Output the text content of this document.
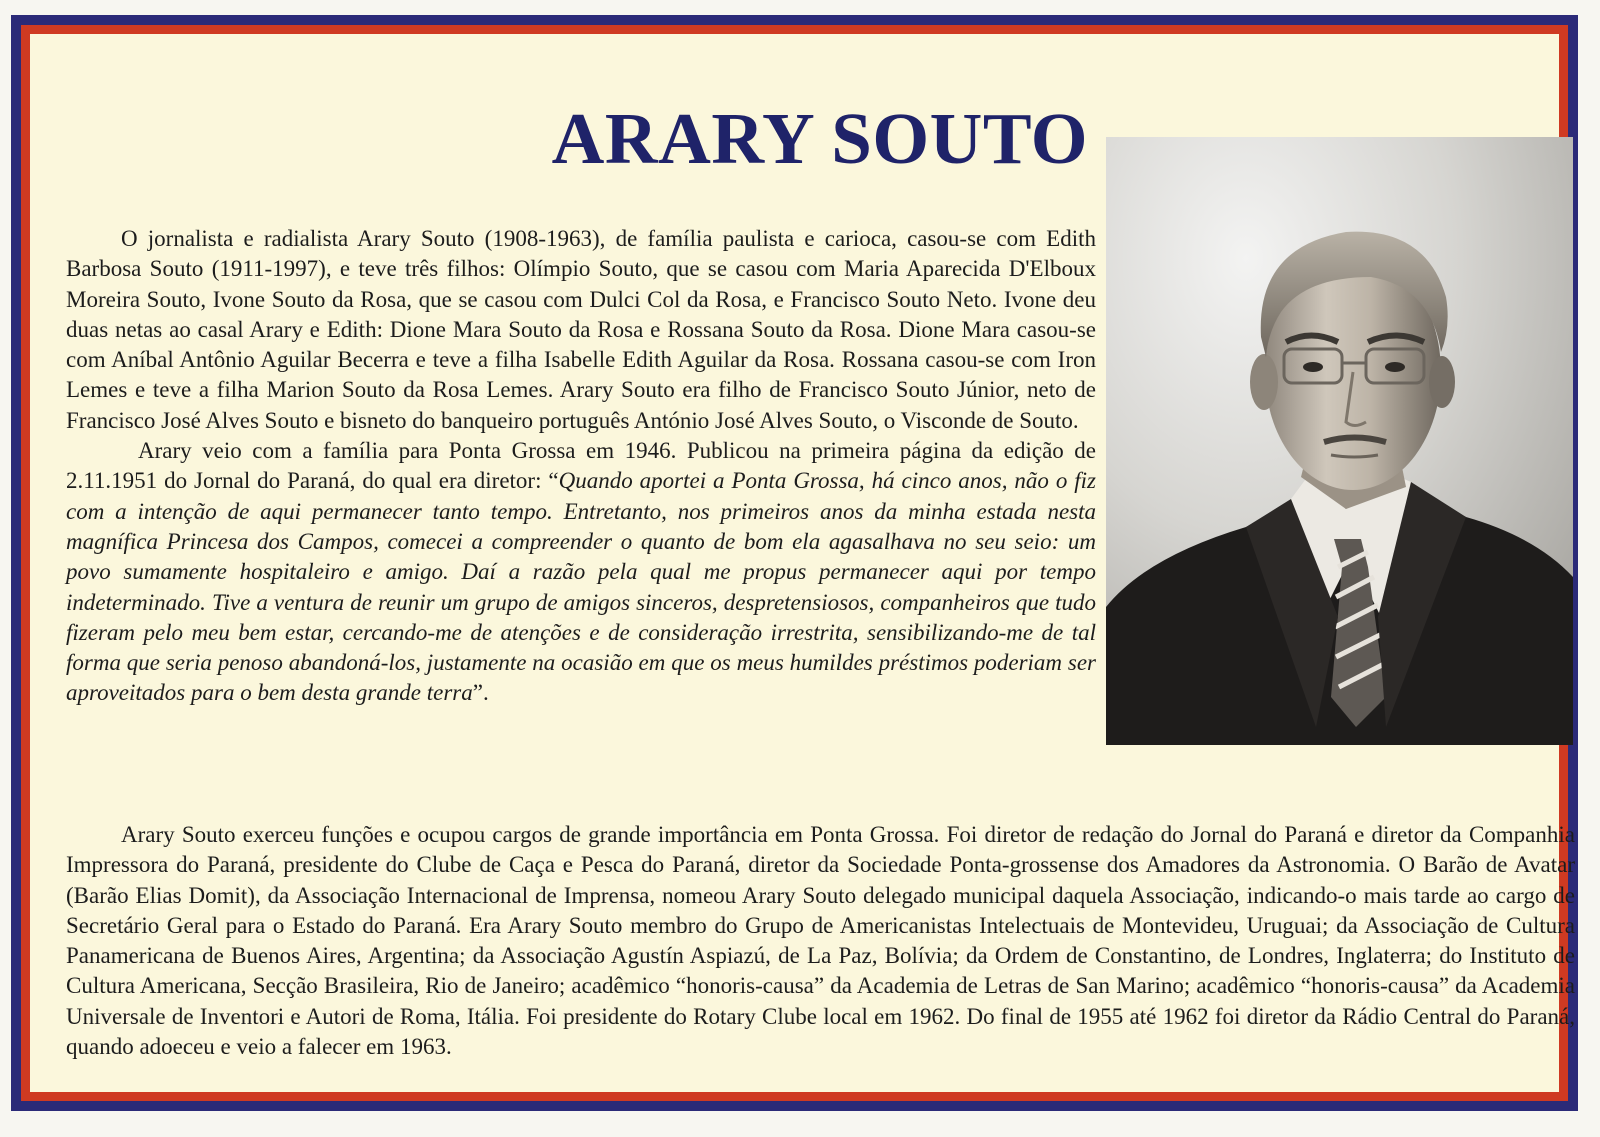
ARARY SOUTO

O jornalista e radialista Arary Souto (1908-1963), de família paulista e carioca, casou-se com Edith Barbosa Souto (1911-1997), e teve três filhos: Olímpio Souto, que se casou com Maria Aparecida D'Elboux Moreira Souto, Ivone Souto da Rosa, que se casou com Dulci Col da Rosa, e Francisco Souto Neto. Ivone deu duas netas ao casal Arary e Edith: Dione Mara Souto da Rosa e Rossana Souto da Rosa. Dione Mara casou-se com Aníbal Antônio Aguilar Becerra e teve a filha Isabelle Edith Aguilar da Rosa. Rossana casou-se com Iron Lemes e teve a filha Marion Souto da Rosa Lemes. Arary Souto era filho de Francisco Souto Júnior, neto de Francisco José Alves Souto e bisneto do banqueiro português António José Alves Souto, o Visconde de Souto.

Arary veio com a família para Ponta Grossa em 1946. Publicou na primeira página da edição de 2.11.1951 do Jornal do Paraná, do qual era diretor: “Quando aportei a Ponta Grossa, há cinco anos, não o fiz com a intenção de aqui permanecer tanto tempo. Entretanto, nos primeiros anos da minha estada nesta magnífica Princesa dos Campos, comecei a compreender o quanto de bom ela agasalhava no seu seio: um povo sumamente hospitaleiro e amigo. Daí a razão pela qual me propus permanecer aqui por tempo indeterminado. Tive a ventura de reunir um grupo de amigos sinceros, despretensiosos, companheiros que tudo fizeram pelo meu bem estar, cercando-me de atenções e de consideração irrestrita, sensibilizando-me de tal forma que seria penoso abandoná-los, justamente na ocasião em que os meus humildes préstimos poderiam ser aproveitados para o bem desta grande terra”.

Arary Souto exerceu funções e ocupou cargos de grande importância em Ponta Grossa. Foi diretor de redação do Jornal do Paraná e diretor da Companhia Impressora do Paraná, presidente do Clube de Caça e Pesca do Paraná, diretor da Sociedade Ponta-grossense dos Amadores da Astronomia. O Barão de Avatar (Barão Elias Domit), da Associação Internacional de Imprensa, nomeou Arary Souto delegado municipal daquela Associação, indicando-o mais tarde ao cargo de Secretário Geral para o Estado do Paraná. Era Arary Souto membro do Grupo de Americanistas Intelectuais de Montevideu, Uruguai; da Associação de Cultura Panamericana de Buenos Aires, Argentina; da Associação Agustín Aspiazú, de La Paz, Bolívia; da Ordem de Constantino, de Londres, Inglaterra; do Instituto de Cultura Americana, Secção Brasileira, Rio de Janeiro; acadêmico “honoris-causa” da Academia de Letras de San Marino; acadêmico “honoris-causa” da Academia Universale de Inventori e Autori de Roma, Itália. Foi presidente do Rotary Clube local em 1962. Do final de 1955 até 1962 foi diretor da Rádio Central do Paraná, quando adoeceu e veio a falecer em 1963.
